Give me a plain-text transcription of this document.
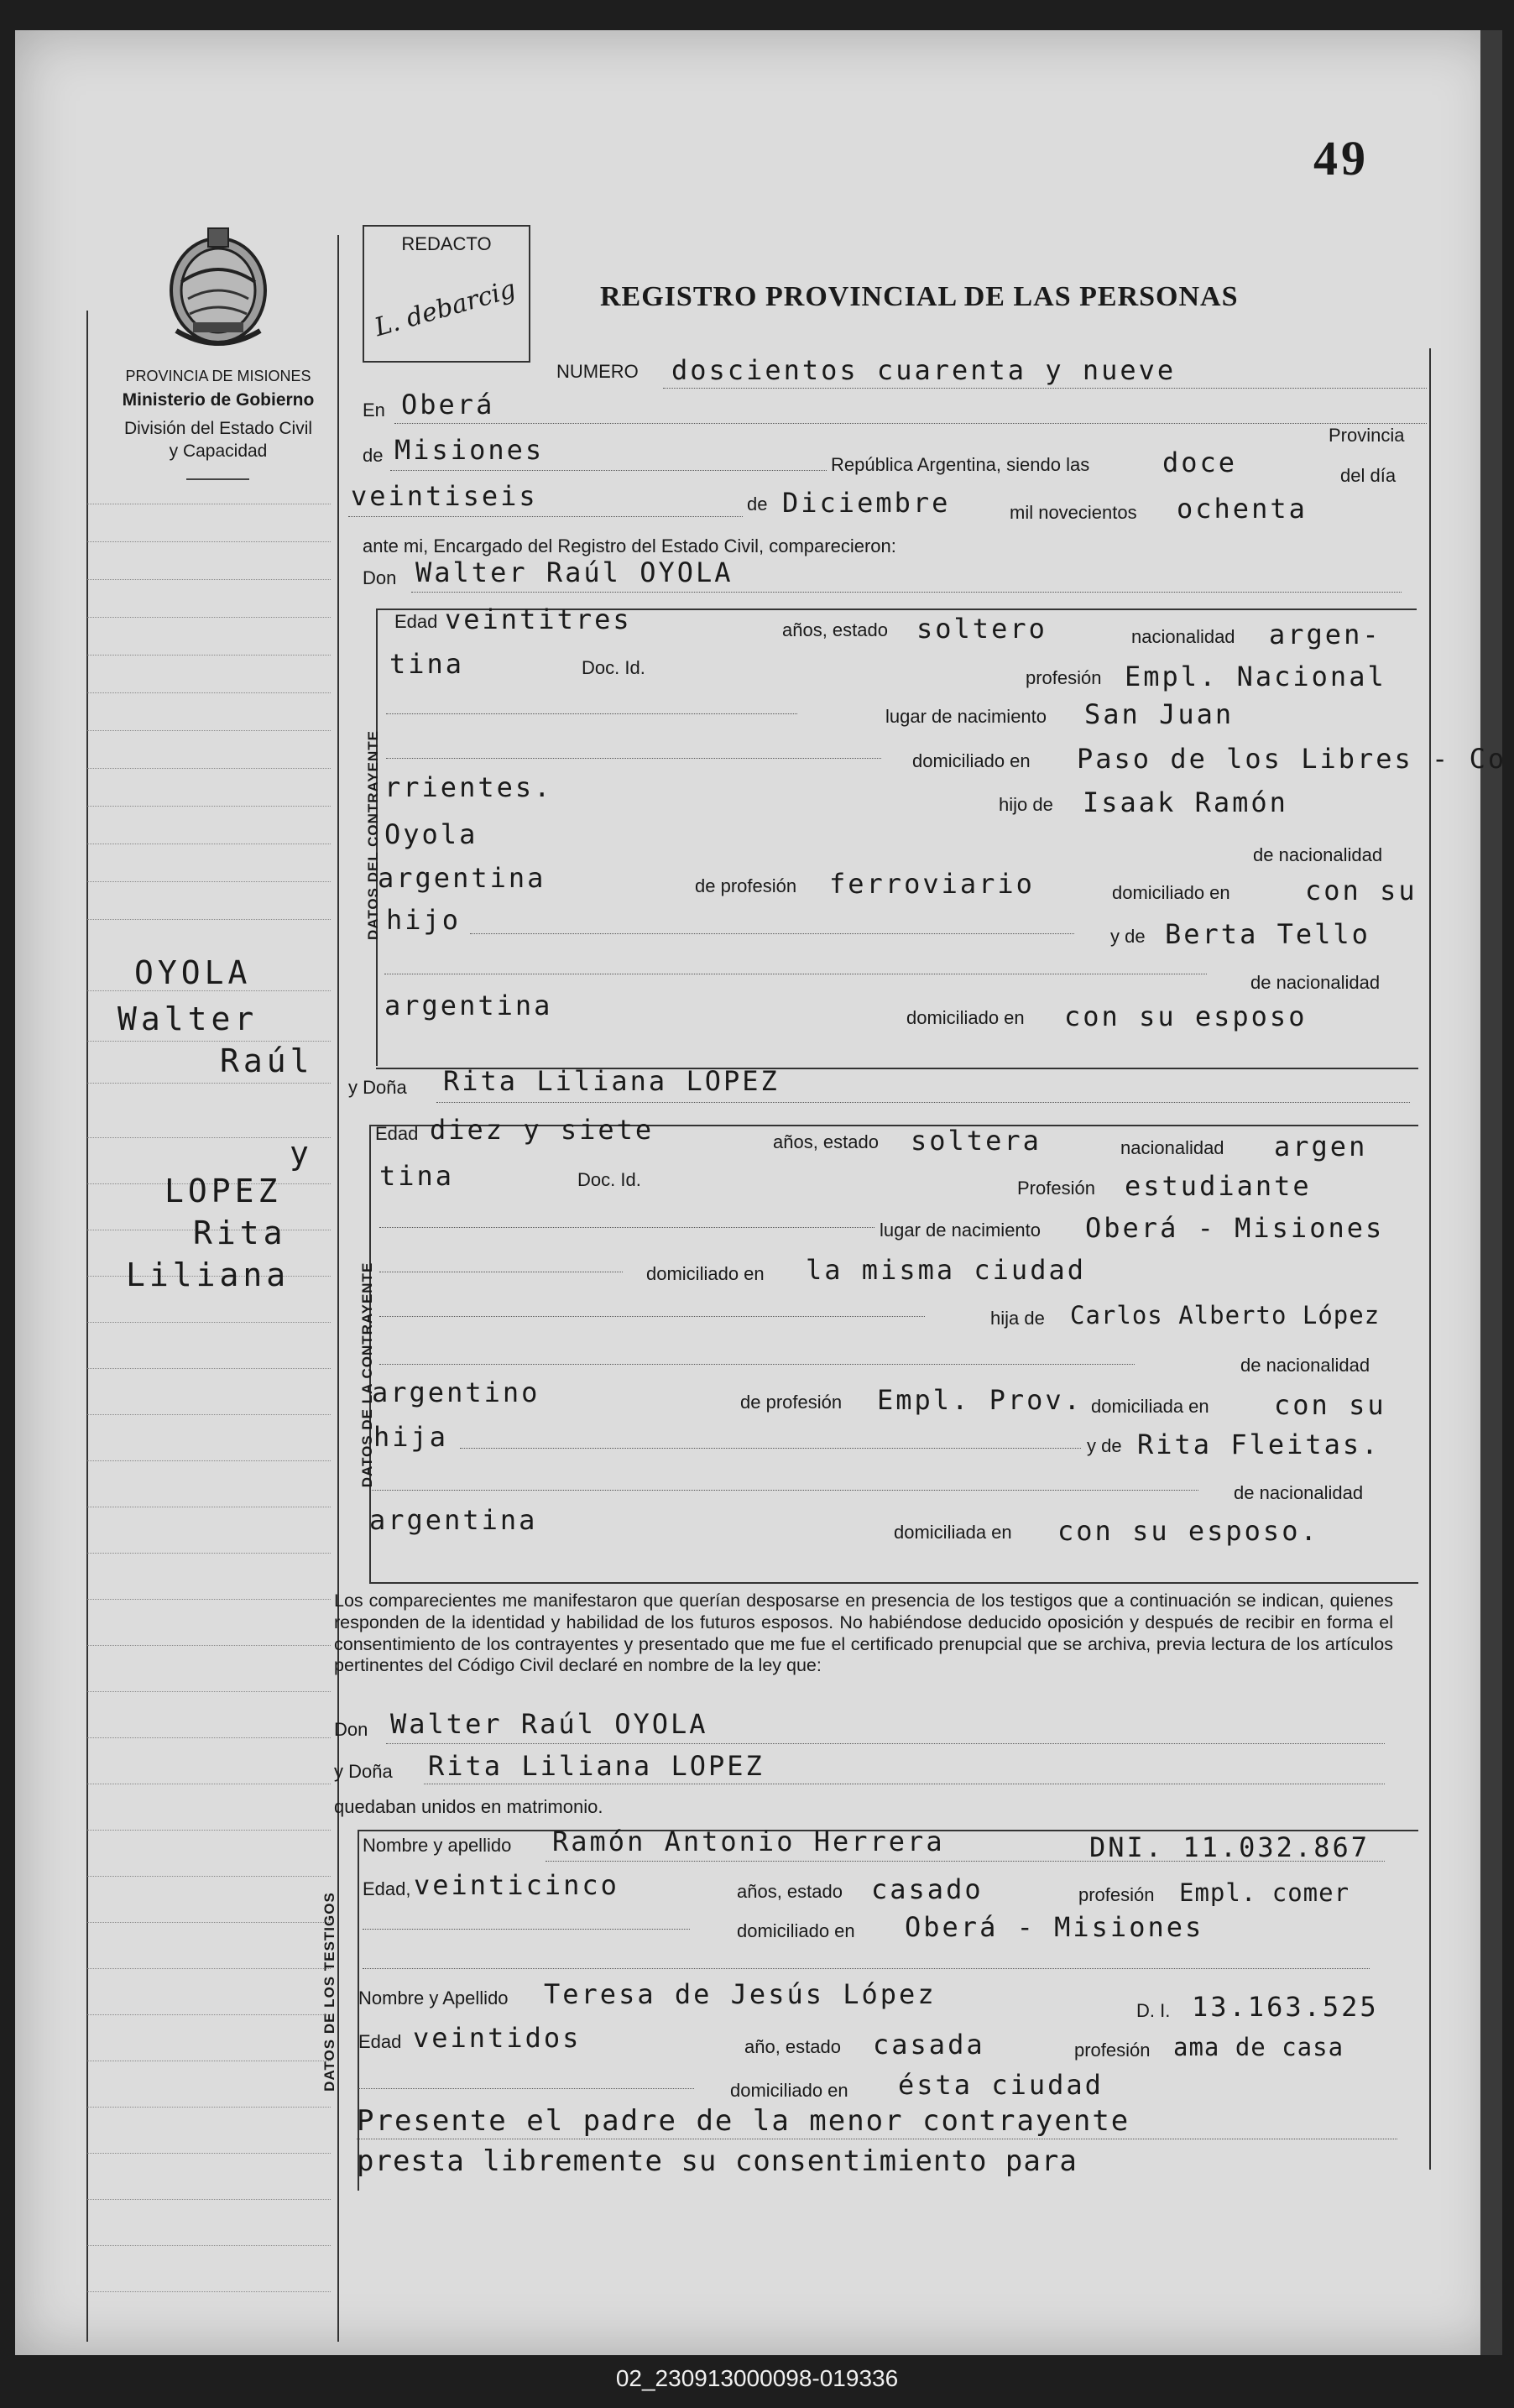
49
REGISTRO PROVINCIAL DE LAS PERSONAS
REDACTO
L. debarcig
PROVINCIA DE MISIONES
Ministerio de Gobierno
División del Estado Civil
y Capacidad
OYOLA
Walter
Raúl
y
LOPEZ
Rita
Liliana
DATOS DEL CONTRAYENTE
DATOS DE LA CONTRAYENTE
DATOS DE LOS TESTIGOS
NUMERO doscientos cuarenta y nueve
En Oberá
Provincia
de Misiones	República Argentina, siendo las	doce	del día
veintiseis	de Diciembre	mil novecientos ochenta
ante mi, Encargado del Registro del Estado Civil, comparecieron:
Don Walter Raúl OYOLA
Edad veintitres	años, estado soltero	nacionalidad argen-
tina	Doc. Id.	profesión Empl. Nacional
lugar de nacimiento San Juan
domiciliado en Paso de los Libres - Co
rrientes.
hijo de Isaak Ramón
Oyola
de nacionalidad
argentina	de profesión ferroviario	domiciliado en	con su
hijo
y de Berta Tello
de nacionalidad
argentina	domiciliado en con su esposo
y Doña Rita Liliana LOPEZ
Edad diez y siete	años, estado soltera	nacionalidad argen
tina	Doc. Id.	Profesión estudiante
lugar de nacimiento Oberá - Misiones
domiciliado en la misma ciudad
hija de Carlos Alberto López
de nacionalidad
argentino	de profesión Empl. Prov. domiciliada en con su
hija	y de Rita Fleitas.
de nacionalidad
argentina	domiciliada en con su esposo.
Los comparecientes me manifestaron que querían desposarse en presencia de los testigos que a continuación se indican, quienes responden de la identidad y habilidad de los futuros esposos. No habiéndose deducido oposición y después de recibir en forma el consentimiento de los contrayentes y presentado que me fue el certificado prenupcial que se archiva, previa lectura de los artículos pertinentes del Código Civil declaré en nombre de la ley que:
Don Walter Raúl OYOLA
y Doña Rita Liliana LOPEZ
quedaban unidos en matrimonio.
Nombre y apellido Ramón Antonio Herrera	DNI. 11.032.867
Edad, veinticinco	años, estado casado	profesión Empl. comer
domiciliado en Oberá - Misiones
Nombre y Apellido Teresa de Jesús López
D. I. 13.163.525
Edad veintidos	año, estado casada	profesión ama de casa
domiciliado en ésta ciudad
Presente el padre de la menor contrayente
presta libremente su consentimiento para
02_230913000098-019336
